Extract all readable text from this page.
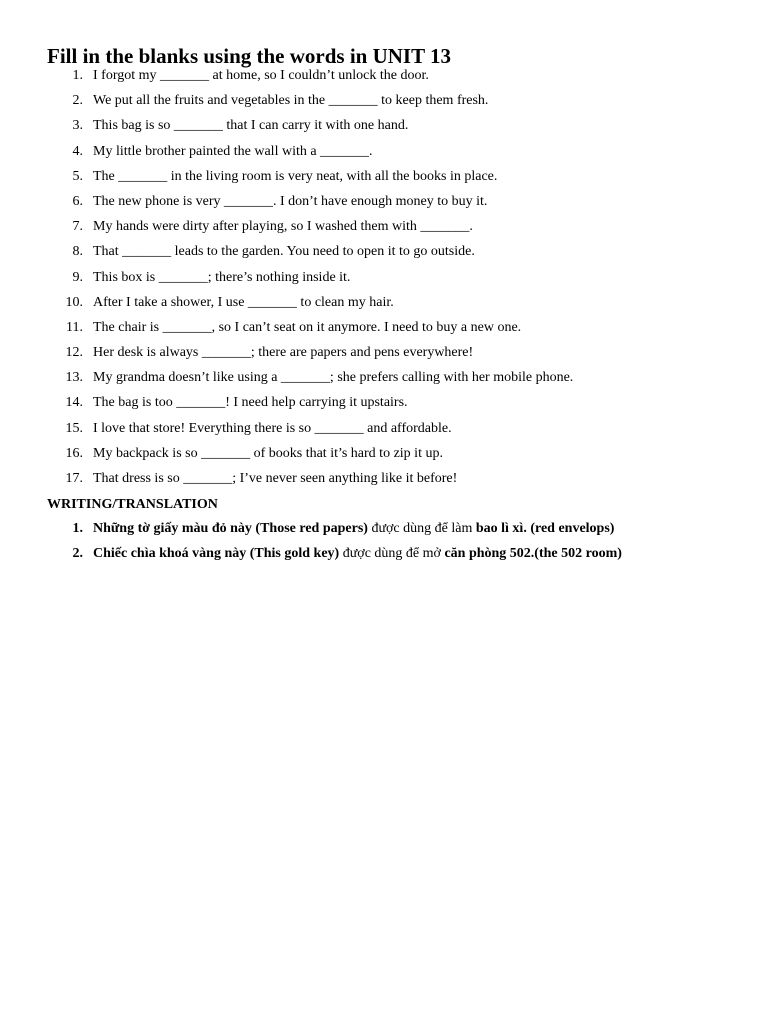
Fill in the blanks using the words in UNIT 13
1. I forgot my _______ at home, so I couldn’t unlock the door.
2. We put all the fruits and vegetables in the _______ to keep them fresh.
3. This bag is so _______ that I can carry it with one hand.
4. My little brother painted the wall with a _______.
5. The _______ in the living room is very neat, with all the books in place.
6. The new phone is very _______. I don’t have enough money to buy it.
7. My hands were dirty after playing, so I washed them with _______.
8. That _______ leads to the garden. You need to open it to go outside.
9. This box is _______; there’s nothing inside it.
10. After I take a shower, I use _______ to clean my hair.
11. The chair is _______, so I can’t seat on it anymore. I need to buy a new one.
12. Her desk is always _______; there are papers and pens everywhere!
13. My grandma doesn’t like using a _______; she prefers calling with her mobile phone.
14. The bag is too _______! I need help carrying it upstairs.
15. I love that store! Everything there is so _______ and affordable.
16. My backpack is so _______ of books that it’s hard to zip it up.
17. That dress is so _______; I’ve never seen anything like it before!
WRITING/TRANSLATION
1. Những tờ giấy màu đỏ này (Those red papers) được dùng để làm bao lì xì. (red envelops)
2. Chiếc chìa khoá vàng này (This gold key) được dùng để mở căn phòng 502.(the 502 room)
